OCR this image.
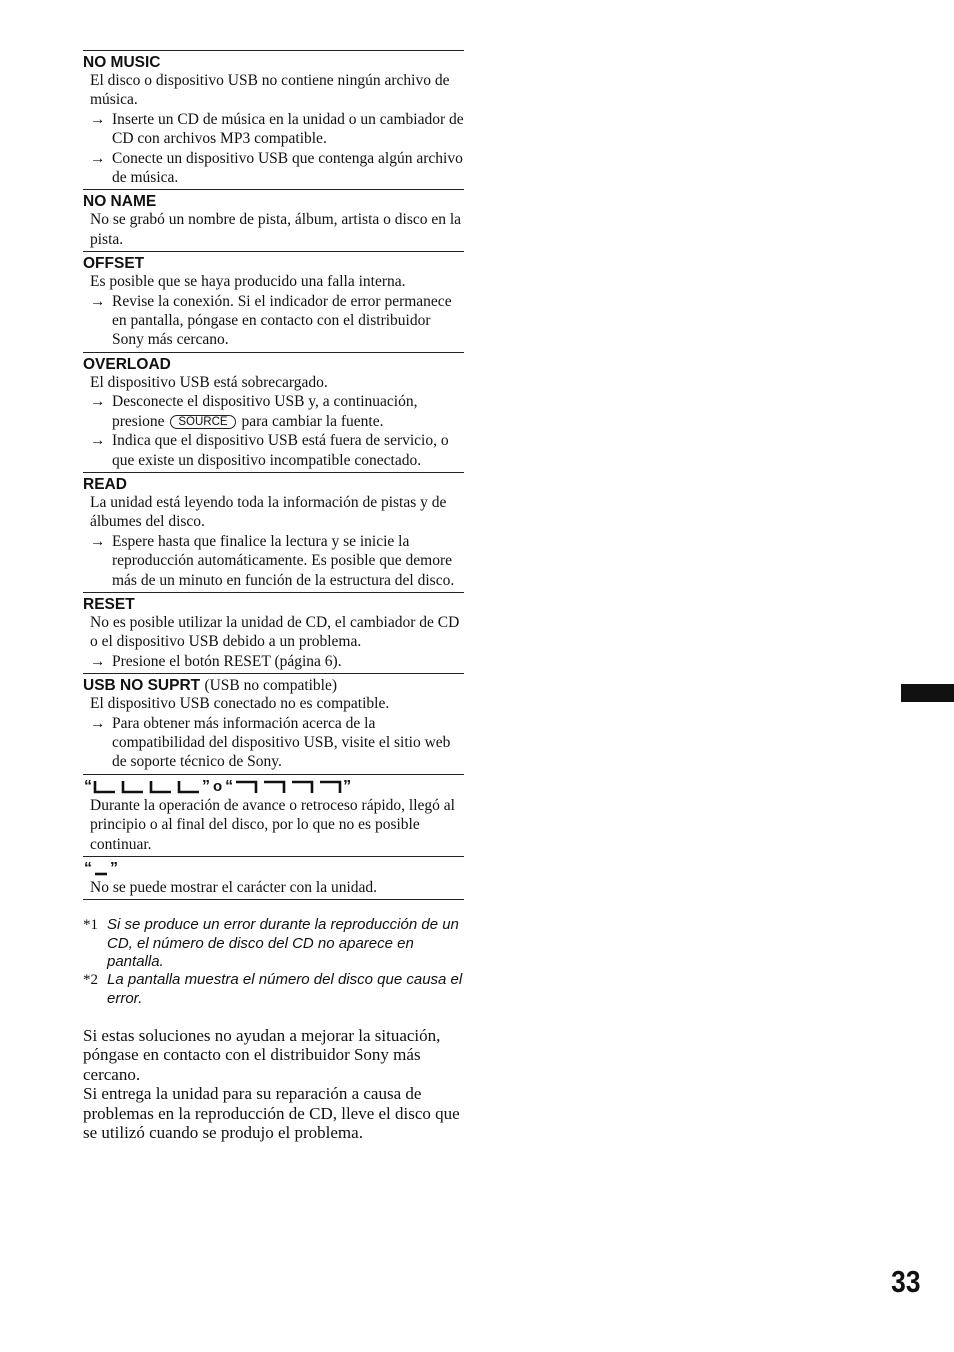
NO MUSIC
El disco o dispositivo USB no contiene ningún archivo de música.
→ Inserte un CD de música en la unidad o un cambiador de CD con archivos MP3 compatible.
→ Conecte un dispositivo USB que contenga algún archivo de música.
NO NAME
No se grabó un nombre de pista, álbum, artista o disco en la pista.
OFFSET
Es posible que se haya producido una falla interna.
→ Revise la conexión. Si el indicador de error permanece en pantalla, póngase en contacto con el distribuidor Sony más cercano.
OVERLOAD
El dispositivo USB está sobrecargado.
→ Desconecte el dispositivo USB y, a continuación, presione SOURCE para cambiar la fuente.
→ Indica que el dispositivo USB está fuera de servicio, o que existe un dispositivo incompatible conectado.
READ
La unidad está leyendo toda la información de pistas y de álbumes del disco.
→ Espere hasta que finalice la lectura y se inicie la reproducción automáticamente. Es posible que demore más de un minuto en función de la estructura del disco.
RESET
No es posible utilizar la unidad de CD, el cambiador de CD o el dispositivo USB debido a un problema.
→ Presione el botón RESET (página 6).
USB NO SUPRT (USB no compatible)
El dispositivo USB conectado no es compatible.
→ Para obtener más información acerca de la compatibilidad del dispositivo USB, visite el sitio web de soporte técnico de Sony.
“	” o “	”
Durante la operación de avance o retroceso rápido, llegó al principio o al final del disco, por lo que no es posible continuar.
“ ”
No se puede mostrar el carácter con la unidad.
*1 Si se produce un error durante la reproducción de un CD, el número de disco del CD no aparece en pantalla.
*2 La pantalla muestra el número del disco que causa el error.

Si estas soluciones no ayudan a mejorar la situación, póngase en contacto con el distribuidor Sony más cercano.

Si entrega la unidad para su reparación a causa de problemas en la reproducción de CD, lleve el disco que se utilizó cuando se produjo el problema.

33
